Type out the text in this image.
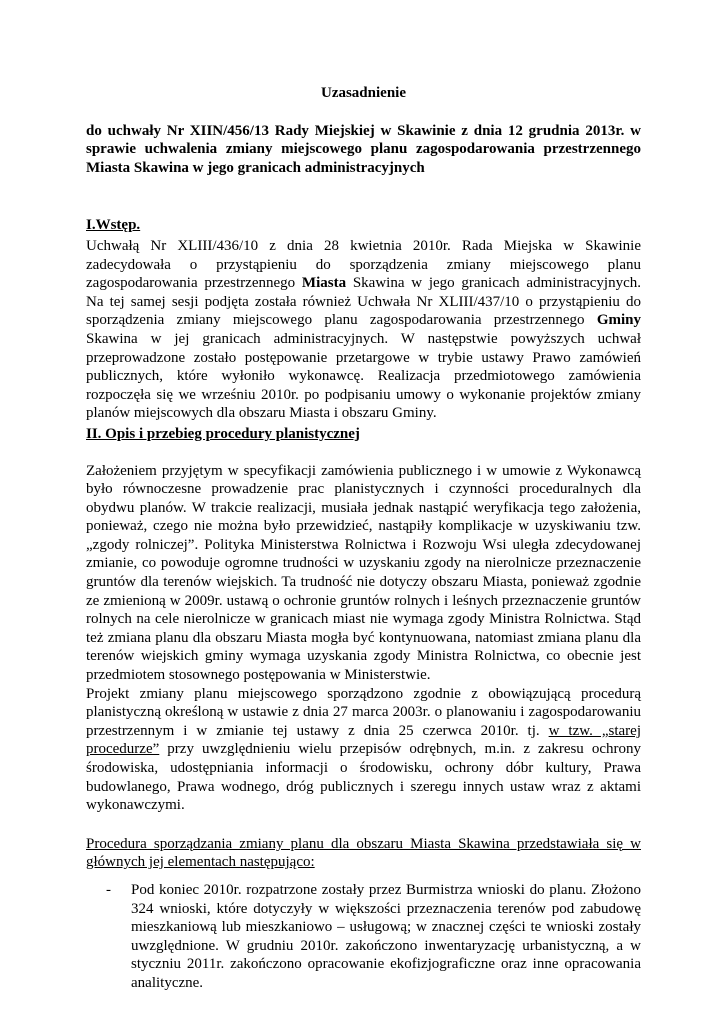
Uzasadnienie

do uchwały Nr XIIN/456/13 Rady Miejskiej w Skawinie z dnia 12 grudnia 2013r. w sprawie uchwalenia zmiany miejscowego planu zagospodarowania przestrzennego Miasta Skawina w jego granicach administracyjnych

I.Wstęp.

Uchwałą Nr XLIII/436/10 z dnia 28 kwietnia 2010r. Rada Miejska w Skawinie zadecydowała o przystąpieniu do sporządzenia zmiany miejscowego planu zagospodarowania przestrzennego Miasta Skawina w jego granicach administracyjnych. Na tej samej sesji podjęta została również Uchwała Nr XLIII/437/10 o przystąpieniu do sporządzenia zmiany miejscowego planu zagospodarowania przestrzennego Gminy Skawina w jej granicach administracyjnych. W następstwie powyższych uchwał przeprowadzone zostało postępowanie przetargowe w trybie ustawy Prawo zamówień publicznych, które wyłoniło wykonawcę. Realizacja przedmiotowego zamówienia rozpoczęła się we wrześniu 2010r. po podpisaniu umowy o wykonanie projektów zmiany planów miejscowych dla obszaru Miasta i obszaru Gminy.

II. Opis i przebieg procedury planistycznej

Założeniem przyjętym w specyfikacji zamówienia publicznego i w umowie z Wykonawcą było równoczesne prowadzenie prac planistycznych i czynności proceduralnych dla obydwu planów. W trakcie realizacji, musiała jednak nastąpić weryfikacja tego założenia, ponieważ, czego nie można było przewidzieć, nastąpiły komplikacje w uzyskiwaniu tzw. „zgody rolniczej”. Polityka Ministerstwa Rolnictwa i Rozwoju Wsi uległa zdecydowanej zmianie, co powoduje ogromne trudności w uzyskaniu zgody na nierolnicze przeznaczenie gruntów dla terenów wiejskich. Ta trudność nie dotyczy obszaru Miasta, ponieważ zgodnie ze zmienioną w 2009r. ustawą o ochronie gruntów rolnych i leśnych przeznaczenie gruntów rolnych na cele nierolnicze w granicach miast nie wymaga zgody Ministra Rolnictwa. Stąd też zmiana planu dla obszaru Miasta mogła być kontynuowana, natomiast zmiana planu dla terenów wiejskich gminy wymaga uzyskania zgody Ministra Rolnictwa, co obecnie jest przedmiotem stosownego postępowania w Ministerstwie.

Projekt zmiany planu miejscowego sporządzono zgodnie z obowiązującą procedurą planistyczną określoną w ustawie z dnia 27 marca 2003r. o planowaniu i zagospodarowaniu przestrzennym i w zmianie tej ustawy z dnia 25 czerwca 2010r. tj. w tzw. „starej procedurze” przy uwzględnieniu wielu przepisów odrębnych, m.in. z zakresu ochrony środowiska, udostępniania informacji o środowisku, ochrony dóbr kultury, Prawa budowlanego, Prawa wodnego, dróg publicznych i szeregu innych ustaw wraz z aktami wykonawczymi.

Procedura sporządzania zmiany planu dla obszaru Miasta Skawina przedstawiała się w głównych jej elementach następująco:

- Pod koniec 2010r. rozpatrzone zostały przez Burmistrza wnioski do planu. Złożono 324 wnioski, które dotyczyły w większości przeznaczenia terenów pod zabudowę mieszkaniową lub mieszkaniowo – usługową; w znacznej części te wnioski zostały uwzględnione. W grudniu 2010r. zakończono inwentaryzację urbanistyczną, a w styczniu 2011r. zakończono opracowanie ekofizjograficzne oraz inne opracowania analityczne.
